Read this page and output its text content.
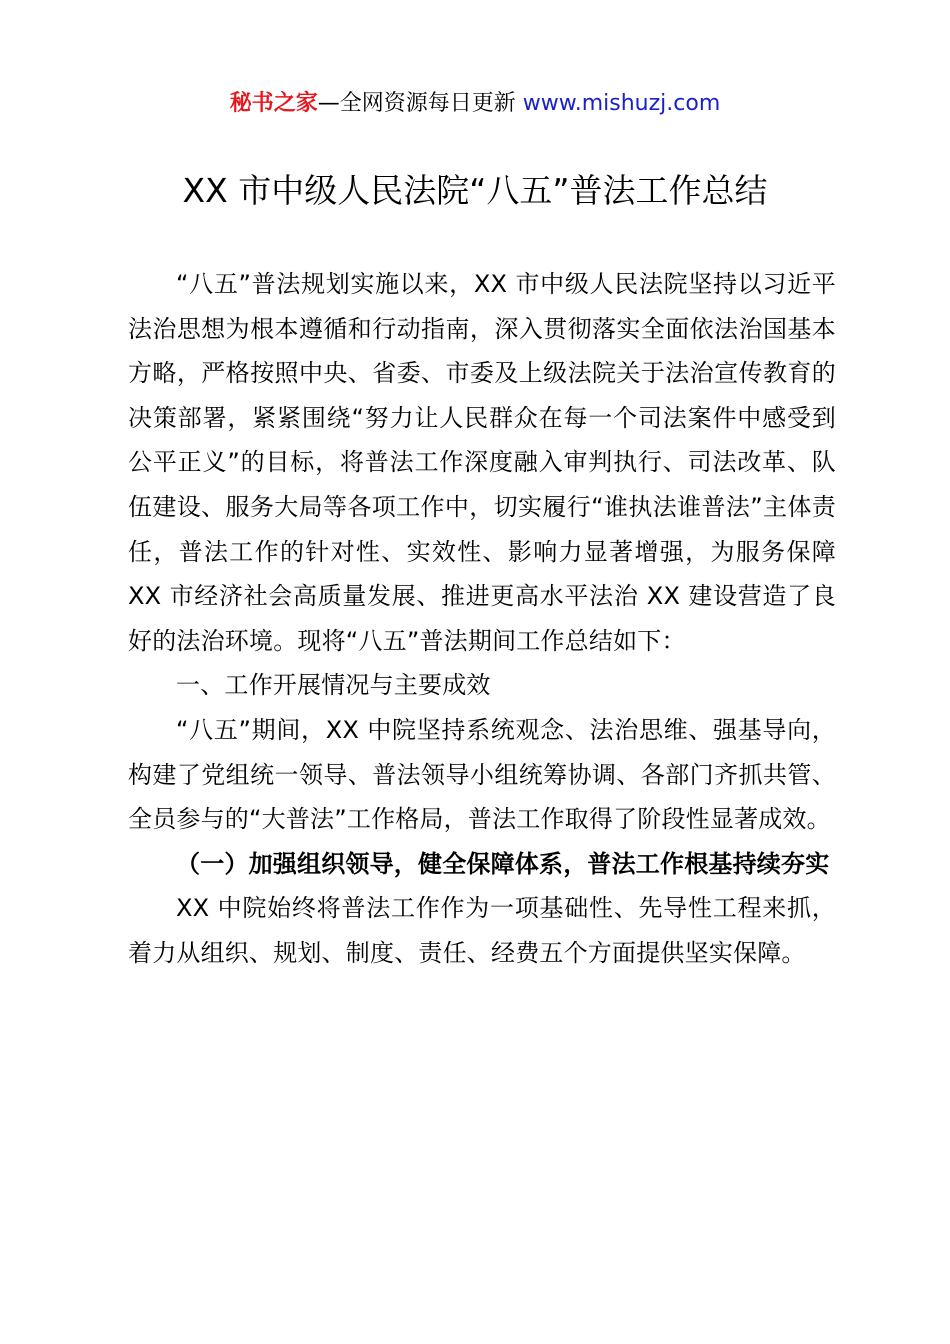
秘书之家—全网资源每日更新 www.mishuzj.com
XX 市中级人民法院“八五”普法工作总结

“八五”普法规划实施以来，XX 市中级人民法院坚持以习近平法治思想为根本遵循和行动指南，深入贯彻落实全面依法治国基本方略，严格按照中央、省委、市委及上级法院关于法治宣传教育的决策部署，紧紧围绕“努力让人民群众在每一个司法案件中感受到公平正义”的目标，将普法工作深度融入审判执行、司法改革、队伍建设、服务大局等各项工作中，切实履行“谁执法谁普法”主体责任，普法工作的针对性、实效性、影响力显著增强，为服务保障 XX 市经济社会高质量发展、推进更高水平法治 XX 建设营造了良好的法治环境。现将“八五”普法期间工作总结如下：

一、工作开展情况与主要成效

“八五”期间，XX 中院坚持系统观念、法治思维、强基导向，构建了党组统一领导、普法领导小组统筹协调、各部门齐抓共管、全员参与的“大普法”工作格局，普法工作取得了阶段性显著成效。

（一）加强组织领导，健全保障体系，普法工作根基持续夯实

XX 中院始终将普法工作作为一项基础性、先导性工程来抓，着力从组织、规划、制度、责任、经费五个方面提供坚实保障。
